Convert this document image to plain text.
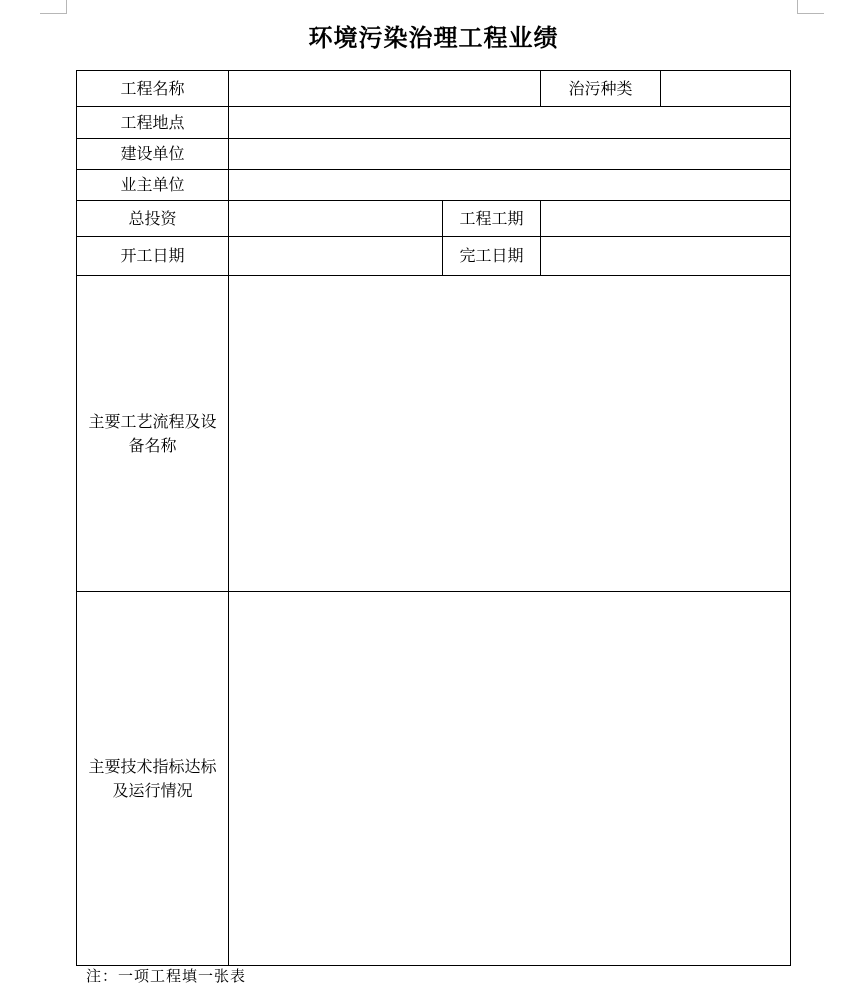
环境污染治理工程业绩
工程名称			治污种类	
工程地点				
建设单位				
业主单位				
总投资		工程工期		
开工日期		完工日期		

主要工艺流程及设备名称				

主要技术指标达标及运行情况				

注：一项工程填一张表
